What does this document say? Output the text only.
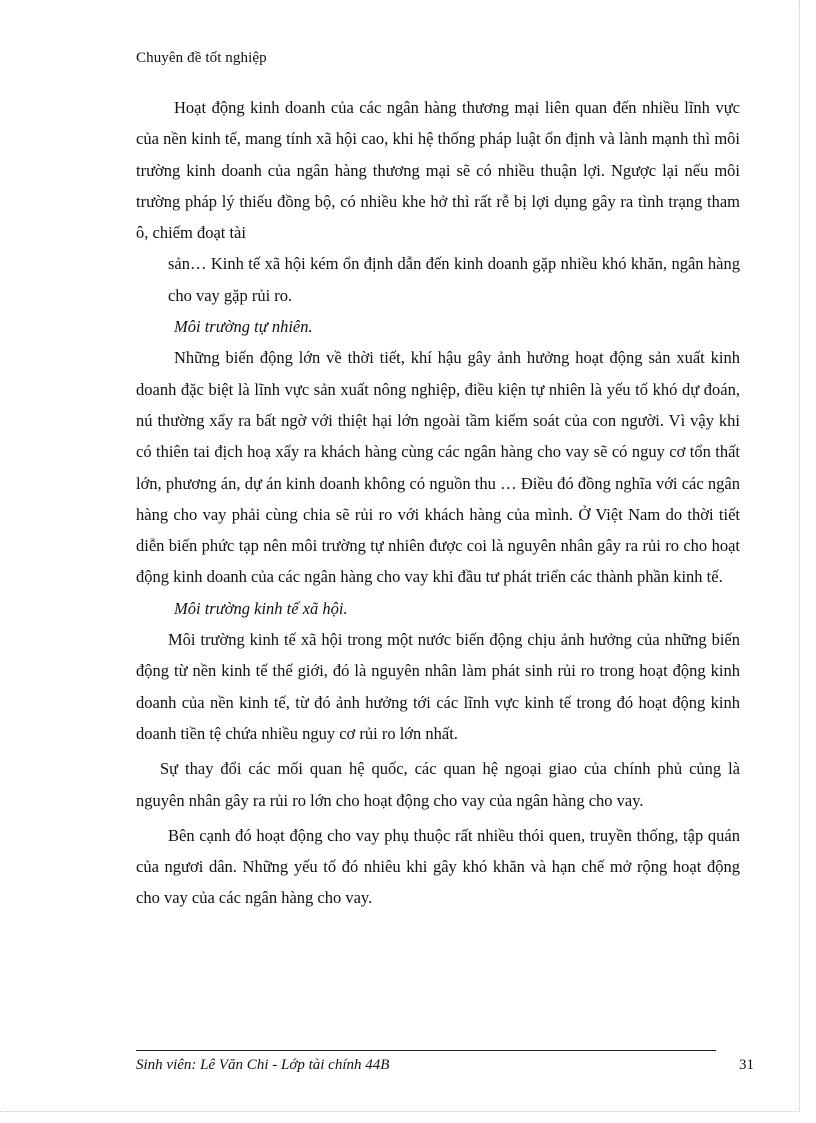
Chuyên đề tốt nghiệp

Hoạt động kinh doanh của các ngân hàng thương mại liên quan đến nhiều lĩnh vực của nền kinh tế, mang tính xã hội cao, khi hệ thống pháp luật ổn định và lành mạnh thì môi trường kinh doanh của ngân hàng thương mại sẽ có nhiều thuận lợi. Ngược lại nếu môi trường pháp lý thiếu đồng bộ, có nhiều khe hở thì rất rễ bị lợi dụng gây ra tình trạng tham ô, chiếm đoạt tài

sản… Kinh tế xã hội kém ổn định dẫn đến kinh doanh gặp nhiều khó khăn, ngân hàng cho vay gặp rủi ro.

Môi trường tự nhiên.

Những biến động lớn về thời tiết, khí hậu gây ảnh hưởng hoạt động sản xuất kinh doanh đặc biệt là lĩnh vực sản xuất nông nghiệp, điều kiện tự nhiên là yếu tố khó dự đoán, nú thường xẩy ra bất ngờ với thiệt hại lớn ngoài tầm kiểm soát của con người. Vì vậy khi có thiên tai địch hoạ xẩy ra khách hàng cùng các ngân hàng cho vay sẽ có nguy cơ tổn thất lớn, phương án, dự án kinh doanh không có nguồn thu … Điều đó đồng nghĩa với các ngân hàng cho vay phải cùng chia sẽ rủi ro với khách hàng của mình. Ở Việt Nam do thời tiết diễn biến phức tạp nên môi trường tự nhiên được coi là nguyên nhân gây ra rủi ro cho hoạt động kinh doanh của các ngân hàng cho vay khi đầu tư phát triển các thành phần kinh tế.

Môi trường kinh tế xã hội.

Môi trường kinh tế xã hội trong một nước biến động chịu ảnh hưởng của những biến động từ nền kinh tế thế giới, đó là nguyên nhân làm phát sinh rủi ro trong hoạt động kinh doanh của nền kinh tế, từ đó ảnh hưởng tới các lĩnh vực kinh tế trong đó hoạt động kinh doanh tiền tệ chứa nhiều nguy cơ rủi ro lớn nhất.

Sự thay đổi các mối quan hệ quốc, các quan hệ ngoại giao của chính phủ củng là nguyên nhân gây ra rủi ro lớn cho hoạt động cho vay của ngân hàng cho vay.

Bên cạnh đó hoạt động cho vay phụ thuộc rất nhiều thói quen, truyền thống, tập quán của ngươi dân. Những yếu tố đó nhiêu khi gây khó khăn và hạn chế mở rộng hoạt động cho vay của các ngân hàng cho vay.

Sinh viên: Lê Văn Chi - Lớp tài chính 44B	31
